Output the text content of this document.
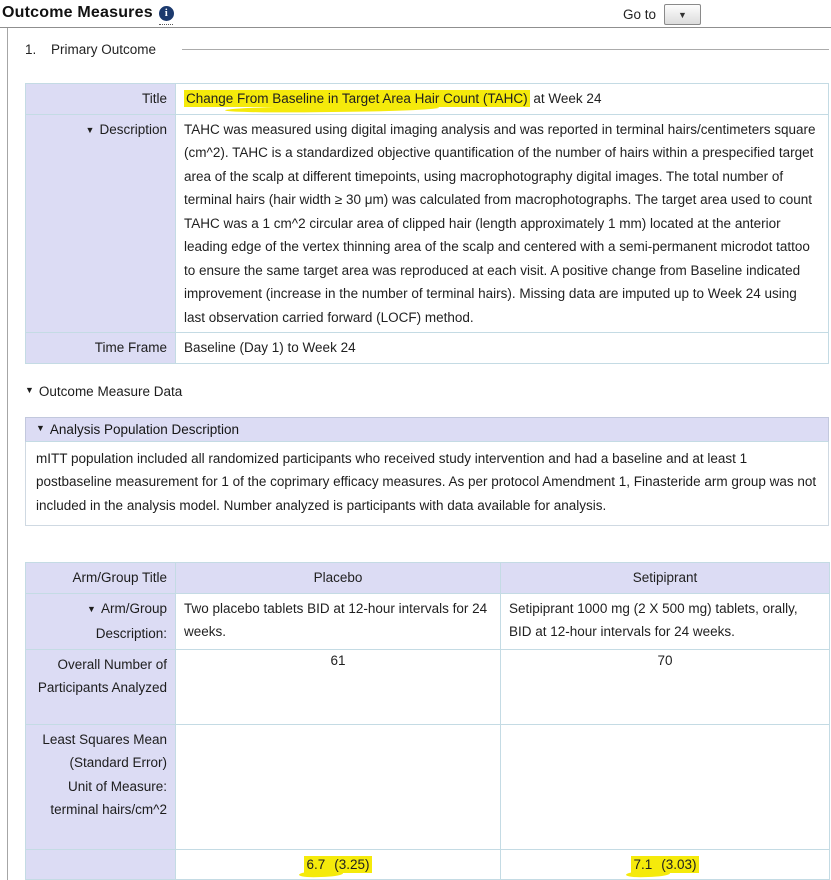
Outcome Measures	i	Go to ▼
1.	Primary Outcome
Title	Change From Baseline in Target Area Hair Count (TAHC) at Week 24
▼ Description	TAHC was measured using digital imaging analysis and was reported in terminal hairs/centimeters square (cm^2). TAHC is a standardized objective quantification of the number of hairs within a prespecified target area of the scalp at different timepoints, using macrophotography digital images. The total number of terminal hairs (hair width ≥ 30 μm) was calculated from macrophotographs. The target area used to count TAHC was a 1 cm^2 circular area of clipped hair (length approximately 1 mm) located at the anterior leading edge of the vertex thinning area of the scalp and centered with a semi-permanent microdot tattoo to ensure the same target area was reproduced at each visit. A positive change from Baseline indicated improvement (increase in the number of terminal hairs). Missing data are imputed up to Week 24 using last observation carried forward (LOCF) method.
Time Frame	Baseline (Day 1) to Week 24
▼ Outcome Measure Data
▼ Analysis Population Description
mITT population included all randomized participants who received study intervention and had a baseline and at least 1 postbaseline measurement for 1 of the coprimary efficacy measures. As per protocol Amendment 1, Finasteride arm group was not included in the analysis model. Number analyzed is participants with data available for analysis.
Arm/Group Title	Placebo	Setipiprant
▼ Arm/Group Description:	Two placebo tablets BID at 12-hour intervals for 24 weeks.	Setipiprant 1000 mg (2 X 500 mg) tablets, orally, BID at 12-hour intervals for 24 weeks.
Overall Number of Participants Analyzed	61	70

Least Squares Mean (Standard Error)
Unit of Measure: terminal hairs/cm^2		

	6.7 (3.25)	7.1 (3.03)
